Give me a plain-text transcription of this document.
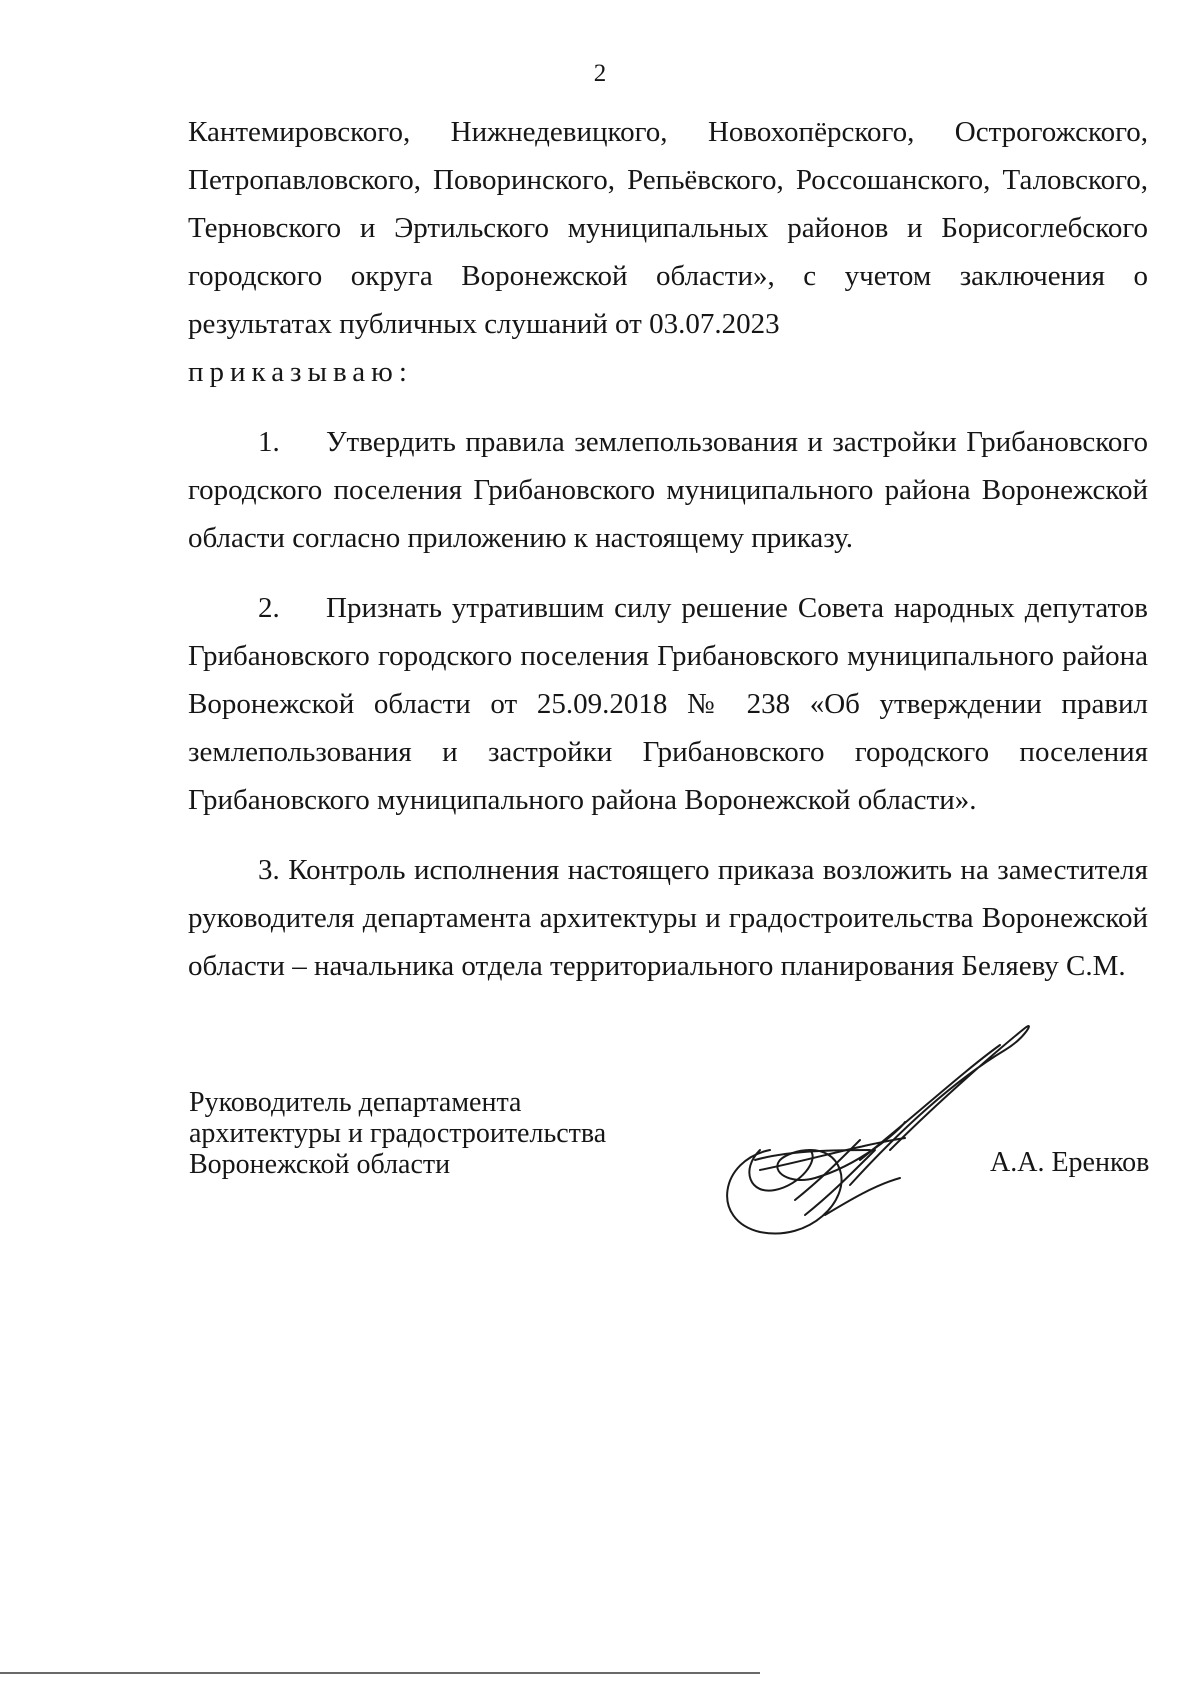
2

Кантемировского, Нижнедевицкого, Новохопёрского, Острогожского, Петропавловского, Поворинского, Репьёвского, Россошанского, Таловского, Терновского и Эртильского муниципальных районов и Борисоглебского городского округа Воронежской области», с учетом заключения о результатах публичных слушаний от 03.07.2023

приказываю:

1. Утвердить правила землепользования и застройки Грибановского городского поселения Грибановского муниципального района Воронежской области согласно приложению к настоящему приказу.

2. Признать утратившим силу решение Совета народных депутатов Грибановского городского поселения Грибановского муниципального района Воронежской области от 25.09.2018 № 238 «Об утверждении правил землепользования и застройки Грибановского городского поселения Грибановского муниципального района Воронежской области».

3. Контроль исполнения настоящего приказа возложить на заместителя руководителя департамента архитектуры и градостроительства Воронежской области – начальника отдела территориального планирования Беляеву С.М.

Руководитель департамента
архитектуры и градостроительства
Воронежской области	А.А. Еренков
